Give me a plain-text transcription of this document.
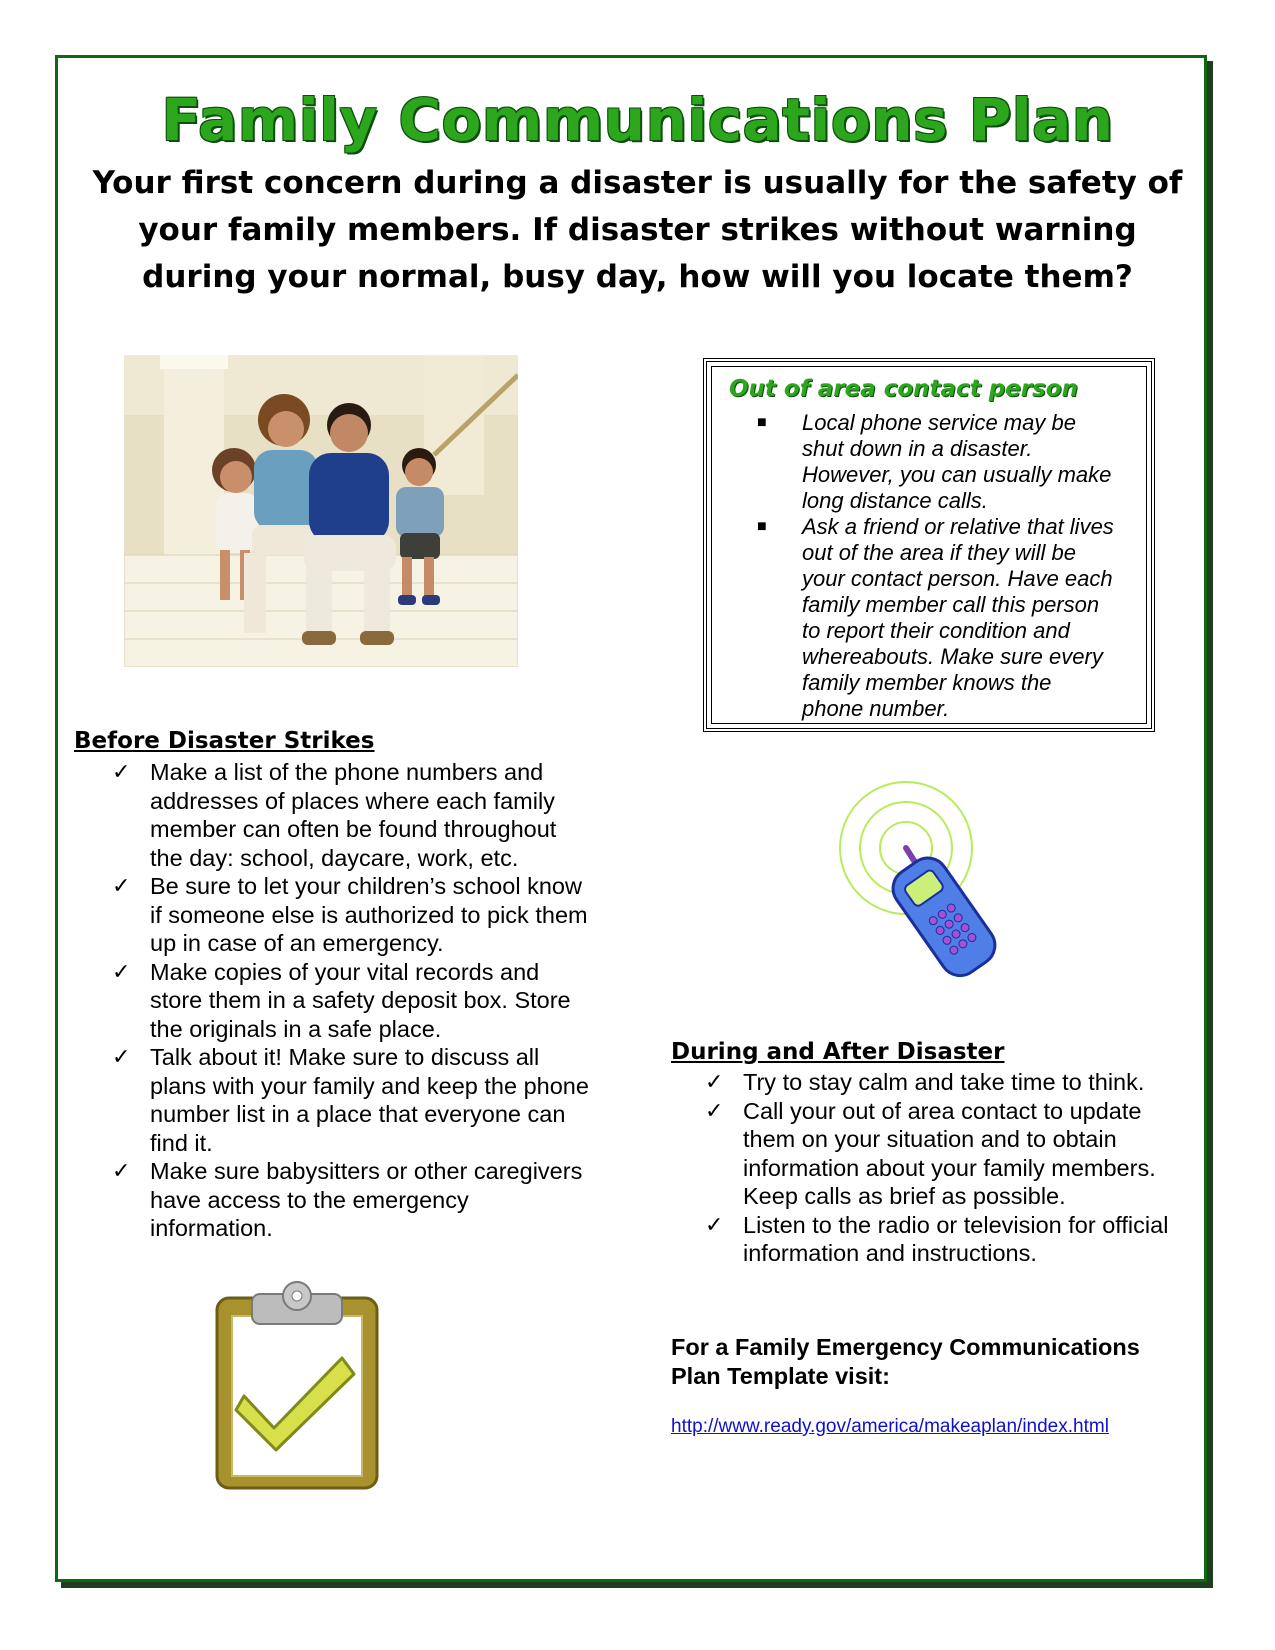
Family Communications Plan
Your first concern during a disaster is usually for the safety of your family members. If disaster strikes without warning during your normal, busy day, how will you locate them?
Out of area contact person
■ Local phone service may be shut down in a disaster. However, you can usually make long distance calls.
■ Ask a friend or relative that lives out of the area if they will be your contact person. Have each family member call this person to report their condition and whereabouts. Make sure every family member knows the phone number.
Before Disaster Strikes
✓ Make a list of the phone numbers and addresses of places where each family member can often be found throughout the day: school, daycare, work, etc.
✓ Be sure to let your children’s school know if someone else is authorized to pick them up in case of an emergency.
✓ Make copies of your vital records and store them in a safety deposit box. Store the originals in a safe place.
✓ Talk about it! Make sure to discuss all plans with your family and keep the phone number list in a place that everyone can find it.
✓ Make sure babysitters or other caregivers have access to the emergency information.
During and After Disaster
✓ Try to stay calm and take time to think.
✓ Call your out of area contact to update them on your situation and to obtain information about your family members. Keep calls as brief as possible.
✓ Listen to the radio or television for official information and instructions.
For a Family Emergency Communications Plan Template visit:
http://www.ready.gov/america/makeaplan/index.html
